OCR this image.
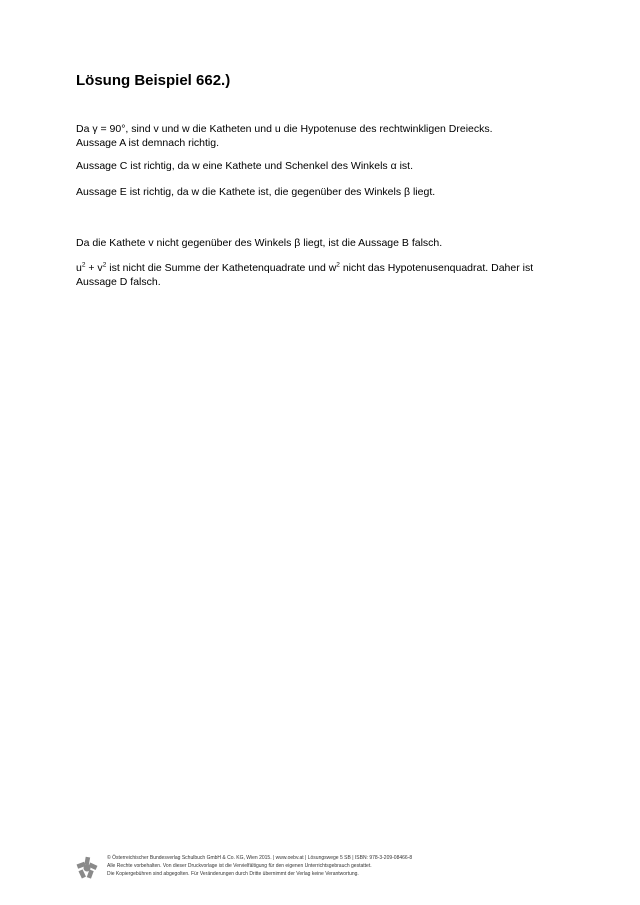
Lösung Beispiel 662.)

Da γ = 90°, sind v und w die Katheten und u die Hypotenuse des rechtwinkligen Dreiecks.
Aussage A ist demnach richtig.

Aussage C ist richtig, da w eine Kathete und Schenkel des Winkels α ist.

Aussage E ist richtig, da w die Kathete ist, die gegenüber des Winkels β liegt.

Da die Kathete v nicht gegenüber des Winkels β liegt, ist die Aussage B falsch.

$u^2 + v^2$ ist nicht die Summe der Kathetenquadrate und $w^2$ nicht das Hypotenusenquadrat. Daher ist
Aussage D falsch.

© Österreichischer Bundesverlag Schulbuch GmbH & Co. KG, Wien 2015. | www.oebv.at | Lösungswege 5 SB | ISBN: 978-3-209-08466-8
Alle Rechte vorbehalten. Von dieser Druckvorlage ist die Vervielfältigung für den eigenen Unterrichtsgebrauch gestattet.
Die Kopiergebühren sind abgegolten. Für Veränderungen durch Dritte übernimmt der Verlag keine Verantwortung.
